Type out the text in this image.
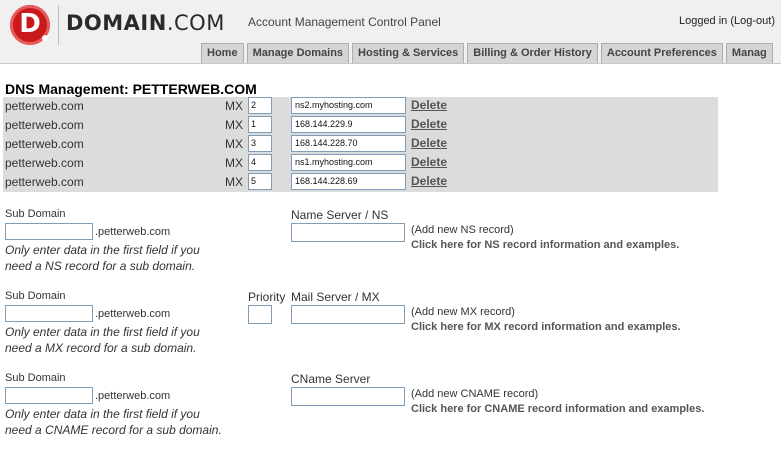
D	DOMAIN.COM Account Management Control Panel	Logged in (Log-out)
Home	Manage Domains	Hosting & Services	Billing & Order History	Account Preferences	Manag
DNS Management: PETTERWEB.COM
petterweb.com	MX 2	ns2.myhosting.com	Delete
petterweb.com	MX 1	168.144.229.9	Delete
petterweb.com	MX 3	168.144.228.70	Delete
petterweb.com	MX 4	ns1.myhosting.com	Delete
petterweb.com	MX 5	168.144.228.69	Delete
Sub Domain
.petterweb.com
Only enter data in the first field if you
need a NS record for a sub domain.
Name Server / NS
(Add new NS record)
Click here for NS record information and examples.
Sub Domain
.petterweb.com
Only enter data in the first field if you
need a MX record for a sub domain.
Priority Mail Server / MX
(Add new MX record)
Click here for MX record information and examples.
Sub Domain
.petterweb.com
Only enter data in the first field if you
need a CNAME record for a sub domain.
CName Server
(Add new CNAME record)
Click here for CNAME record information and examples.
